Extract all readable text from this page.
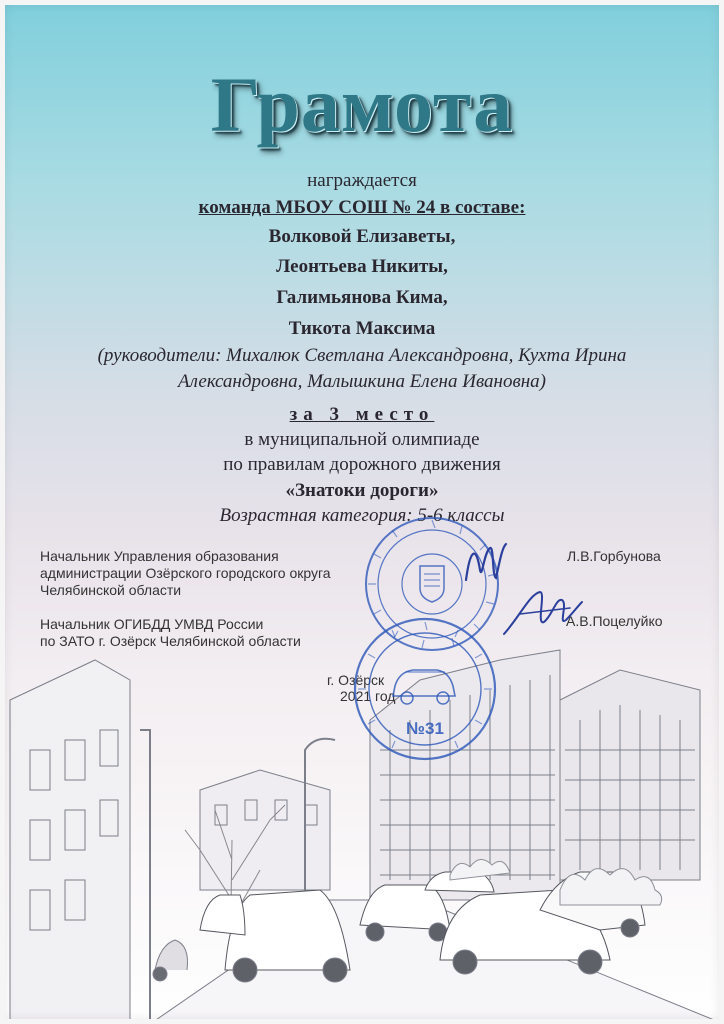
Грамота
награждается
команда МБОУ СОШ № 24 в составе:
Волковой Елизаветы,
Леонтьева Никиты,
Галимьянова Кима,
Тикота Максима
(руководители: Михалюк Светлана Александровна, Кухта Ирина
Александровна, Малышкина Елена Ивановна)
за 3 место
в муниципальной олимпиаде
по правилам дорожного движения
«Знатоки дороги»
Возрастная категория: 5-6 классы
Начальник Управления образования
администрации Озёрского городского округа
Челябинской области
Л.В.Горбунова
Начальник ОГИБДД УМВД России
по ЗАТО г. Озёрск Челябинской области
А.В.Поцелуйко
г. Озёрск
2021 год
№31
